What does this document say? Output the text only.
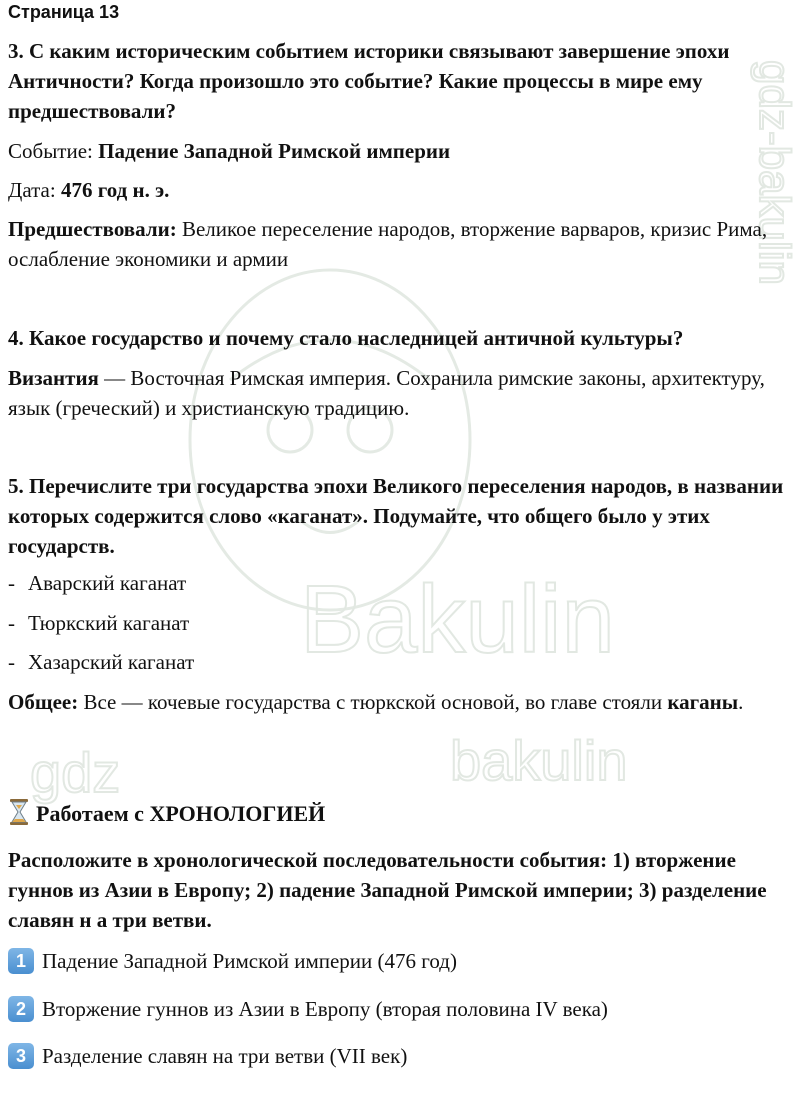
Bakulin
gdz	bakulin
gdz-bakulin
Страница 13

3. С каким историческим событием историки связывают завершение эпохи Античности? Когда произошло это событие? Какие процессы в мире ему предшествовали?

Событие: Падение Западной Римской империи

Дата: 476 год н. э.

Предшествовали: Великое переселение народов, вторжение варваров, кризис Рима, ослабление экономики и армии

4. Какое государство и почему стало наследницей античной культуры?

Византия — Восточная Римская империя. Сохранила римские законы, архитектуру, язык (греческий) и христианскую традицию.

5. Перечислите три государства эпохи Великого переселения народов, в названии которых содержится слово «каганат». Подумайте, что общего было у этих государств.

- Аварский каганат
- Тюркский каганат
- Хазарский каганат

Общее: Все — кочевые государства с тюркской основой, во главе стояли каганы.

Работаем с ХРОНОЛОГИЕЙ

Расположите в хронологической последовательности события: 1) вторжение гуннов из Азии в Европу; 2) падение Западной Римской империи; 3) разделение славян н а три ветви.

1 Падение Западной Римской империи (476 год)
2 Вторжение гуннов из Азии в Европу (вторая половина IV века)
3 Разделение славян на три ветви (VII век)
